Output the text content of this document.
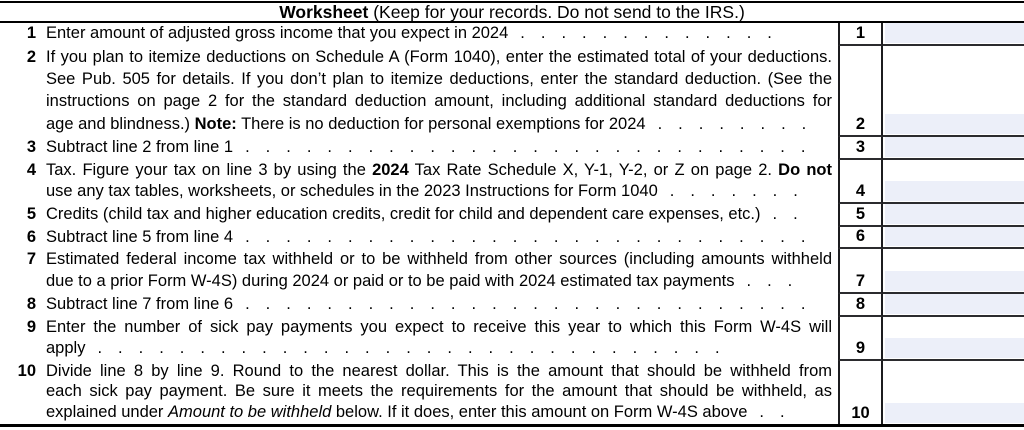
Worksheet (Keep for your records. Do not send to the IRS.)
1 Enter amount of adjusted gross income that you expect in 2024 .............	1
2 If you plan to itemize deductions on Schedule A (Form 1040), enter the estimated total of your deductions.
See Pub. 505 for details. If you don’t plan to itemize deductions, enter the standard deduction. (See the
instructions on page 2 for the standard deduction amount, including additional standard deductions for
age and blindness.) Note: There is no deduction for personal exemptions for 2024 ........	2
3 Subtract line 2 from line 1 ............................	3
4 Tax. Figure your tax on line 3 by using the 2024 Tax Rate Schedule X, Y-1, Y-2, or Z on page 2. Do not
use any tax tables, worksheets, or schedules in the 2023 Instructions for Form 1040 .......	4
5 Credits (child tax and higher education credits, credit for child and dependent care expenses, etc.) ..	5
6 Subtract line 5 from line 4 ............................	6
7 Estimated federal income tax withheld or to be withheld from other sources (including amounts withheld
due to a prior Form W-4S) during 2024 or paid or to be paid with 2024 estimated tax payments ...	7
8 Subtract line 7 from line 6 ............................	8
9 Enter the number of sick pay payments you expect to receive this year to which this Form W-4S will
apply ...............................	9
10 Divide line 8 by line 9. Round to the nearest dollar. This is the amount that should be withheld from
each sick pay payment. Be sure it meets the requirements for the amount that should be withheld, as
explained under Amount to be withheld below. If it does, enter this amount on Form W-4S above ..	10
